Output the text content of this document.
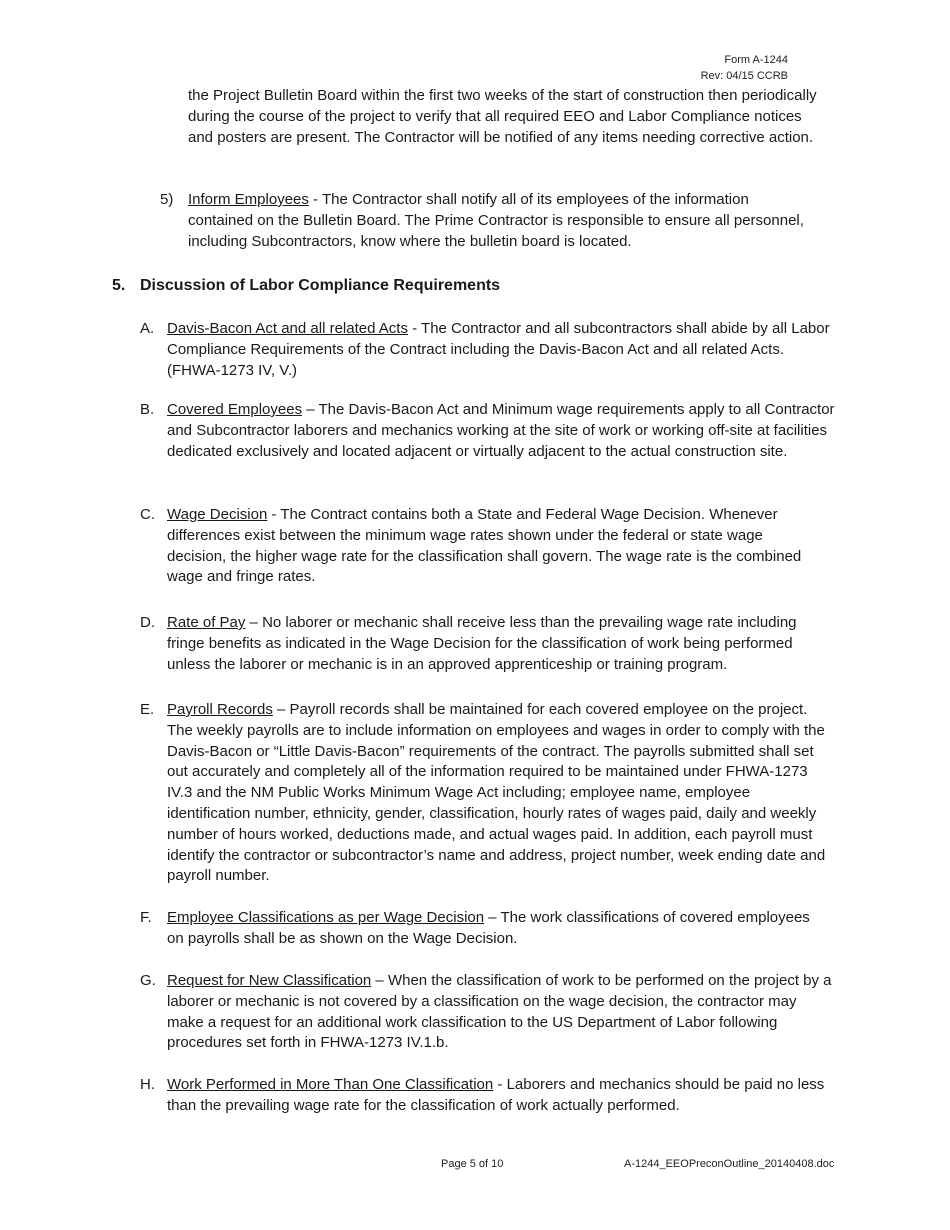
Form A-1244
Rev: 04/15 CCRB
the Project Bulletin Board within the first two weeks of the start of construction then periodically during the course of the project to verify that all required EEO and Labor Compliance notices and posters are present. The Contractor will be notified of any items needing corrective action.
5) Inform Employees - The Contractor shall notify all of its employees of the information contained on the Bulletin Board. The Prime Contractor is responsible to ensure all personnel, including Subcontractors, know where the bulletin board is located.
5. Discussion of Labor Compliance Requirements
A. Davis-Bacon Act and all related Acts - The Contractor and all subcontractors shall abide by all Labor Compliance Requirements of the Contract including the Davis-Bacon Act and all related Acts. (FHWA-1273 IV, V.)
B. Covered Employees – The Davis-Bacon Act and Minimum wage requirements apply to all Contractor and Subcontractor laborers and mechanics working at the site of work or working off-site at facilities dedicated exclusively and located adjacent or virtually adjacent to the actual construction site.
C. Wage Decision - The Contract contains both a State and Federal Wage Decision. Whenever differences exist between the minimum wage rates shown under the federal or state wage decision, the higher wage rate for the classification shall govern. The wage rate is the combined wage and fringe rates.
D. Rate of Pay – No laborer or mechanic shall receive less than the prevailing wage rate including fringe benefits as indicated in the Wage Decision for the classification of work being performed unless the laborer or mechanic is in an approved apprenticeship or training program.
E. Payroll Records – Payroll records shall be maintained for each covered employee on the project. The weekly payrolls are to include information on employees and wages in order to comply with the Davis-Bacon or “Little Davis-Bacon” requirements of the contract. The payrolls submitted shall set out accurately and completely all of the information required to be maintained under FHWA-1273 IV.3 and the NM Public Works Minimum Wage Act including; employee name, employee identification number, ethnicity, gender, classification, hourly rates of wages paid, daily and weekly number of hours worked, deductions made, and actual wages paid. In addition, each payroll must identify the contractor or subcontractor’s name and address, project number, week ending date and payroll number.
F. Employee Classifications as per Wage Decision – The work classifications of covered employees on payrolls shall be as shown on the Wage Decision.
G. Request for New Classification – When the classification of work to be performed on the project by a laborer or mechanic is not covered by a classification on the wage decision, the contractor may make a request for an additional work classification to the US Department of Labor following procedures set forth in FHWA-1273 IV.1.b.
H. Work Performed in More Than One Classification - Laborers and mechanics should be paid no less than the prevailing wage rate for the classification of work actually performed.
Page 5 of 10	A-1244_EEOPreconOutline_20140408.doc
